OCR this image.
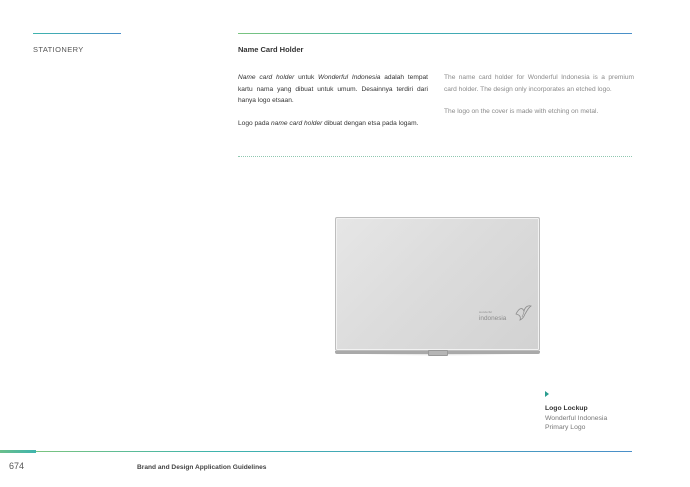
STATIONERY	Name Card Holder

Name card holder untuk Wonderful Indonesia adalah tempat kartu nama yang dibuat untuk umum. Desainnya terdiri dari hanya logo etsaan.

Logo pada name card holder dibuat dengan etsa pada logam.

The name card holder for Wonderful Indonesia is a premium card holder. The design only incorporates an etched logo.

The logo on the cover is made with etching on metal.

wonderful
indonesia
Logo Lockup
Wonderful Indonesia
Primary Logo
674	Brand and Design Application Guidelines
